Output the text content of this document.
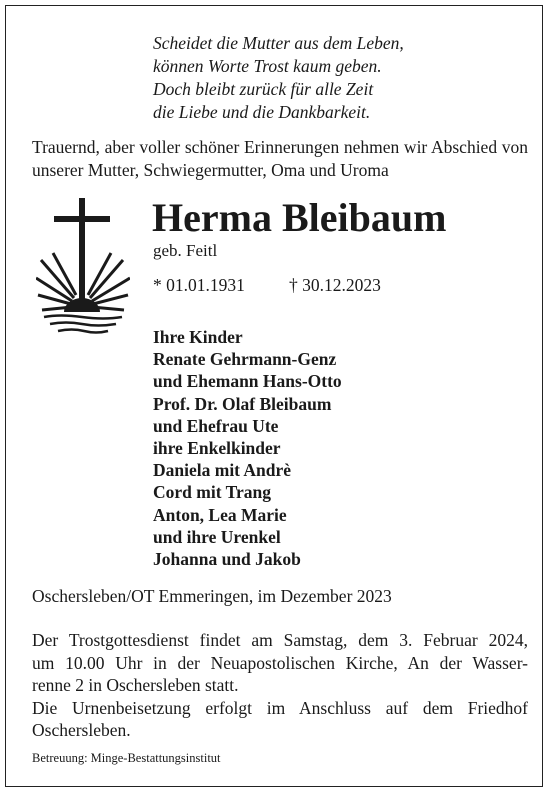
Scheidet die Mutter aus dem Leben,
können Worte Trost kaum geben.
Doch bleibt zurück für alle Zeit
die Liebe und die Dankbarkeit.
Trauernd, aber voller schöner Erinnerungen nehmen wir Abschied von unserer Mutter, Schwiegermutter, Oma und Uroma
Herma Bleibaum
geb. Feitl
* 01.01.1931	† 30.12.2023
Ihre Kinder
Renate Gehrmann-Genz
und Ehemann Hans-Otto
Prof. Dr. Olaf Bleibaum
und Ehefrau Ute
ihre Enkelkinder
Daniela mit Andrè
Cord mit Trang
Anton, Lea Marie
und ihre Urenkel
Johanna und Jakob
Oschersleben/OT Emmeringen, im Dezember 2023
Der Trostgottesdienst findet am Samstag, dem 3. Februar 2024,
um 10.00 Uhr in der Neuapostolischen Kirche, An der Wasser-
renne 2 in Oschersleben statt.
Die Urnenbeisetzung erfolgt im Anschluss auf dem Friedhof
Oschersleben.
Betreuung: Minge-Bestattungsinstitut
